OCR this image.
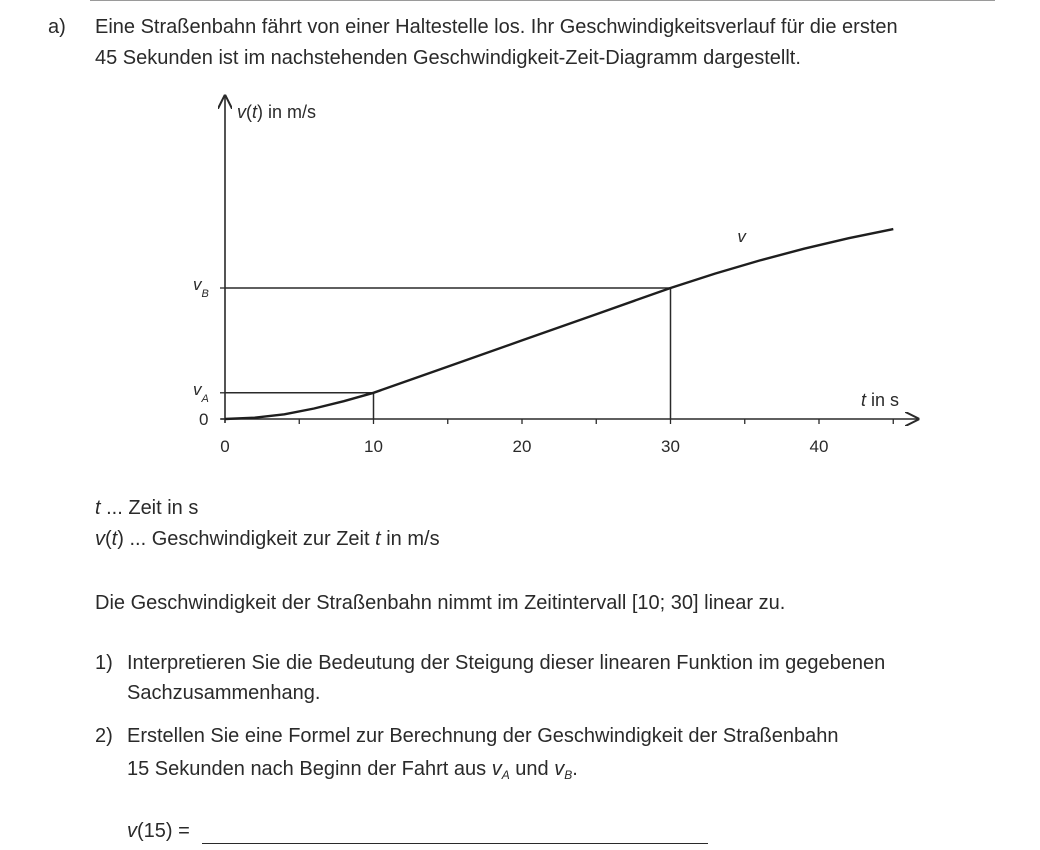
a) Eine Straßenbahn fährt von einer Haltestelle los. Ihr Geschwindigkeitsverlauf für die ersten
45 Sekunden ist im nachstehenden Geschwindigkeit-Zeit-Diagramm dargestellt.
0	10	20	30	40
0
$v_A$
$v_B$
v(t) in m/s
t in s
v
t ... Zeit in s
v(t) ... Geschwindigkeit zur Zeit t in m/s
Die Geschwindigkeit der Straßenbahn nimmt im Zeitintervall [10; 30] linear zu.
1) Interpretieren Sie die Bedeutung der Steigung dieser linearen Funktion im gegebenen
Sachzusammenhang.
2) Erstellen Sie eine Formel zur Berechnung der Geschwindigkeit der Straßenbahn
15 Sekunden nach Beginn der Fahrt aus $v_A$ und $v_B$.
v(15) =
